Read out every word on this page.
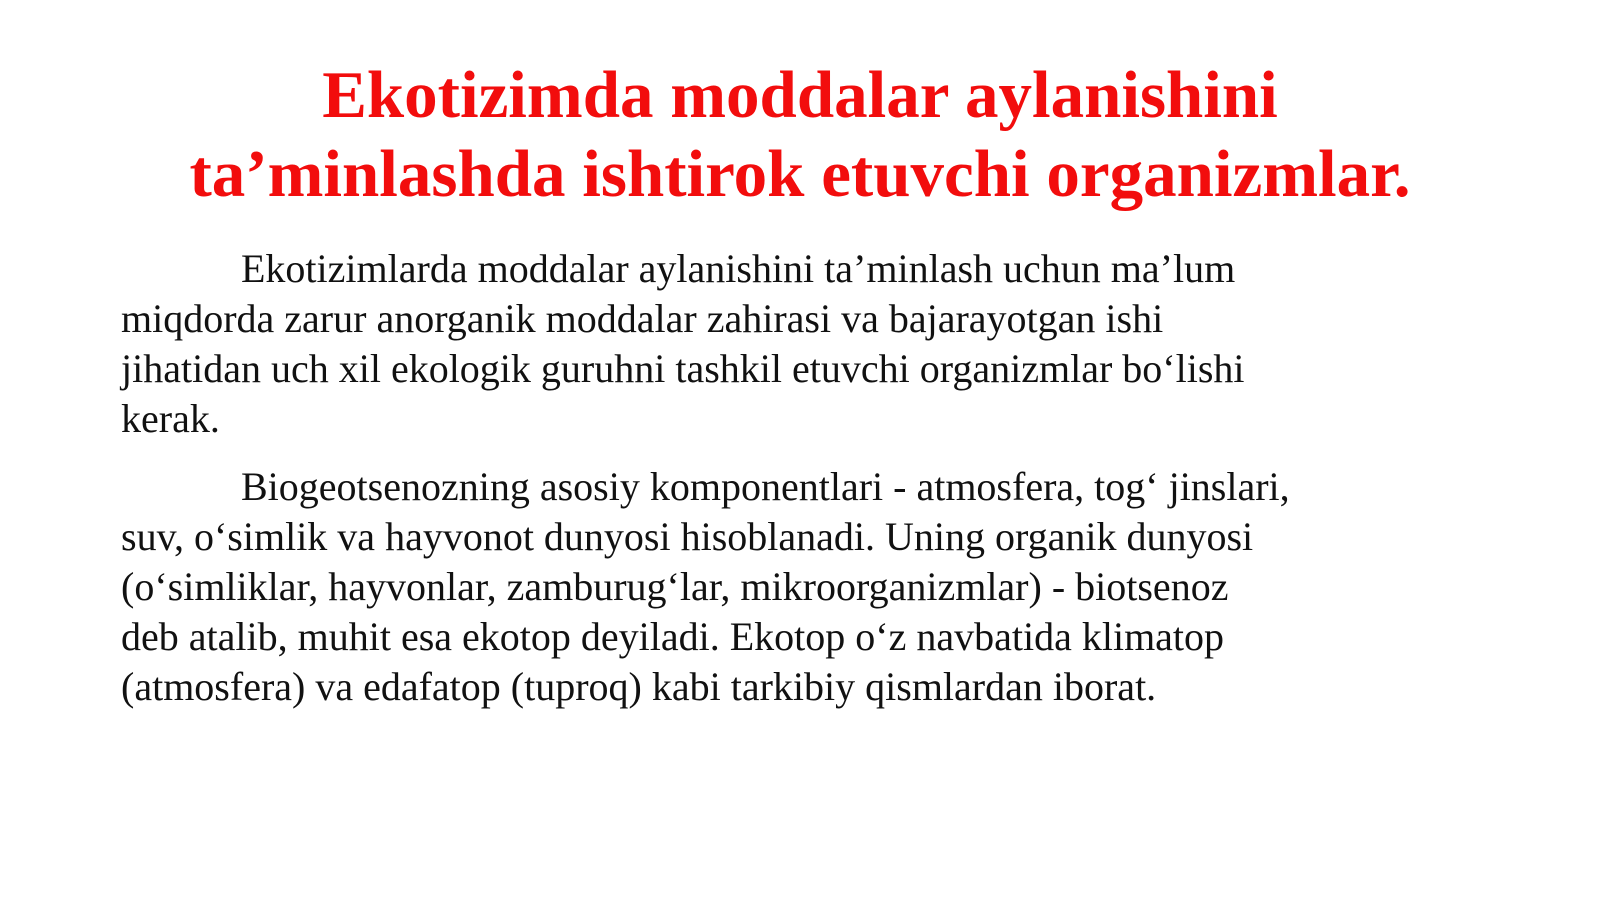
Ekotizimda moddalar aylanishini
ta’minlashda ishtirok etuvchi organizmlar.

Ekotizimlarda moddalar aylanishini ta’minlash uchun ma’lum
miqdorda zarur anorganik moddalar zahirasi va bajarayotgan ishi
jihatidan uch xil ekologik guruhni tashkil etuvchi organizmlar bo‘lishi
kerak.

Biogeotsenozning asosiy komponentlari - atmosfera, tog‘ jinslari,
suv, o‘simlik va hayvonot dunyosi hisoblanadi. Uning organik dunyosi
(o‘simliklar, hayvonlar, zamburug‘lar, mikroorganizmlar) - biotsenoz
deb atalib, muhit esa ekotop deyiladi. Ekotop o‘z navbatida klimatop
(atmosfera) va edafatop (tuproq) kabi tarkibiy qismlardan iborat.
